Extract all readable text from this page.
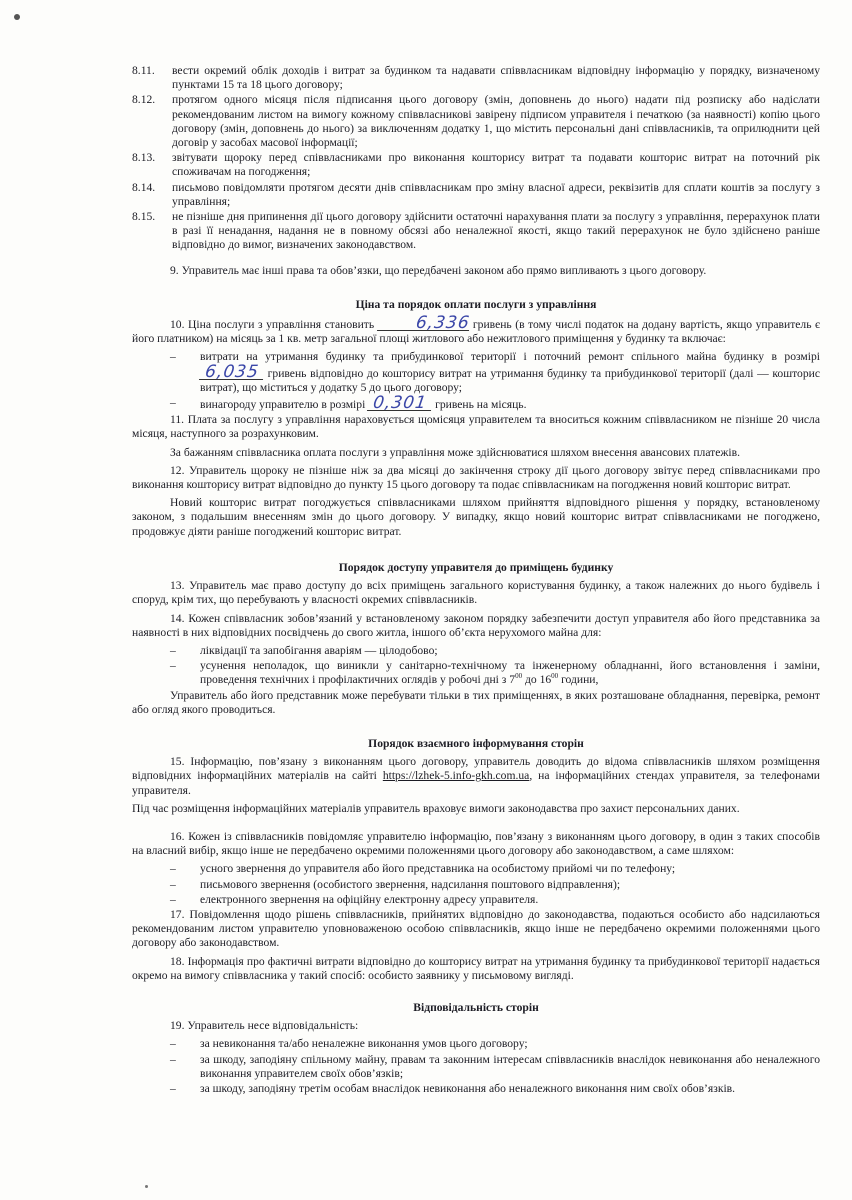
8.11.	вести окремий облік доходів і витрат за будинком та надавати співвласникам відповідну інформацію у порядку, визначеному пунктами 15 та 18 цього договору;
8.12.	протягом одного місяця після підписання цього договору (змін, доповнень до нього) надати під розписку або надіслати рекомендованим листом на вимогу кожному співвласникові завірену підписом управителя і печаткою (за наявності) копію цього договору (змін, доповнень до нього) за виключенням додатку 1, що містить персональні дані співвласників, та оприлюднити цей договір у засобах масової інформації;
8.13.	звітувати щороку перед співвласниками про виконання кошторису витрат та подавати кошторис витрат на поточний рік споживачам на погодження;
8.14.	письмово повідомляти протягом десяти днів співвласникам про зміну власної адреси, реквізитів для сплати коштів за послугу з управління;
8.15.	не пізніше дня припинення дії цього договору здійснити остаточні нарахування плати за послугу з управління, перерахунок плати в разі її ненадання, надання не в повному обсязі або неналежної якості, якщо такий перерахунок не було здійснено раніше відповідно до вимог, визначених законодавством.

9. Управитель має інші права та обов’язки, що передбачені законом або прямо випливають з цього договору.

Ціна та порядок оплати послуги з управління

10. Ціна послуги з управління становить 6,336 гривень (в тому числі податок на додану вартість, якщо управитель є його платником) на місяць за 1 кв. метр загальної площі житлового або нежитлового приміщення у будинку та включає:

–	витрати на утримання будинку та прибудинкової території і поточний ремонт спільного майна будинку в розмірі 6,035 гривень відповідно до кошторису витрат на утримання будинку та прибудинкової території (далі — кошторис витрат), що міститься у додатку 5 до цього договору;
–	винагороду управителю в розмірі 0,301 гривень на місяць.

11. Плата за послугу з управління нараховується щомісяця управителем та вноситься кожним співвласником не пізніше 20 числа місяця, наступного за розрахунковим.

За бажанням співвласника оплата послуги з управління може здійснюватися шляхом внесення авансових платежів.

12. Управитель щороку не пізніше ніж за два місяці до закінчення строку дії цього договору звітує перед співвласниками про виконання кошторису витрат відповідно до пункту 15 цього договору та подає співвласникам на погодження новий кошторис витрат.

Новий кошторис витрат погоджується співвласниками шляхом прийняття відповідного рішення у порядку, встановленому законом, з подальшим внесенням змін до цього договору. У випадку, якщо новий кошторис витрат співвласниками не погоджено, продовжує діяти раніше погоджений кошторис витрат.

Порядок доступу управителя до приміщень будинку

13. Управитель має право доступу до всіх приміщень загального користування будинку, а також належних до нього будівель і споруд, крім тих, що перебувають у власності окремих співвласників.

14. Кожен співвласник зобов’язаний у встановленому законом порядку забезпечити доступ управителя або його представника за наявності в них відповідних посвідчень до свого житла, іншого об’єкта нерухомого майна для:

–	ліквідації та запобігання аваріям — цілодобово;
–	усунення неполадок, що виникли у санітарно-технічному та інженерному обладнанні, його встановлення і заміни, проведення технічних і профілактичних оглядів у робочі дні з $7^{00}$ до $16^{00}$ години,

Управитель або його представник може перебувати тільки в тих приміщеннях, в яких розташоване обладнання, перевірка, ремонт або огляд якого проводиться.

Порядок взаємного інформування сторін

15. Інформацію, пов’язану з виконанням цього договору, управитель доводить до відома співвласників шляхом розміщення відповідних інформаційних матеріалів на сайті https://lzhek-5.info-gkh.com.ua, на інформаційних стендах управителя, за телефонами управителя.

Під час розміщення інформаційних матеріалів управитель враховує вимоги законодавства про захист персональних даних.

16. Кожен із співвласників повідомляє управителю інформацію, пов’язану з виконанням цього договору, в один з таких способів на власний вибір, якщо інше не передбачено окремими положеннями цього договору або законодавством, а саме шляхом:

–	усного звернення до управителя або його представника на особистому прийомі чи по телефону;
–	письмового звернення (особистого звернення, надсилання поштового відправлення);
–	електронного звернення на офіційну електронну адресу управителя.

17. Повідомлення щодо рішень співвласників, прийнятих відповідно до законодавства, подаються особисто або надсилаються рекомендованим листом управителю уповноваженою особою співвласників, якщо інше не передбачено окремими положеннями цього договору або законодавством.

18. Інформація про фактичні витрати відповідно до кошторису витрат на утримання будинку та прибудинкової території надається окремо на вимогу співвласника у такий спосіб: особисто заявнику у письмовому вигляді.

Відповідальність сторін

19. Управитель несе відповідальність:

–	за невиконання та/або неналежне виконання умов цього договору;
–	за шкоду, заподіяну спільному майну, правам та законним інтересам співвласників внаслідок невиконання або неналежного виконання управителем своїх обов’язків;
–	за шкоду, заподіяну третім особам внаслідок невиконання або неналежного виконання ним своїх обов’язків.
